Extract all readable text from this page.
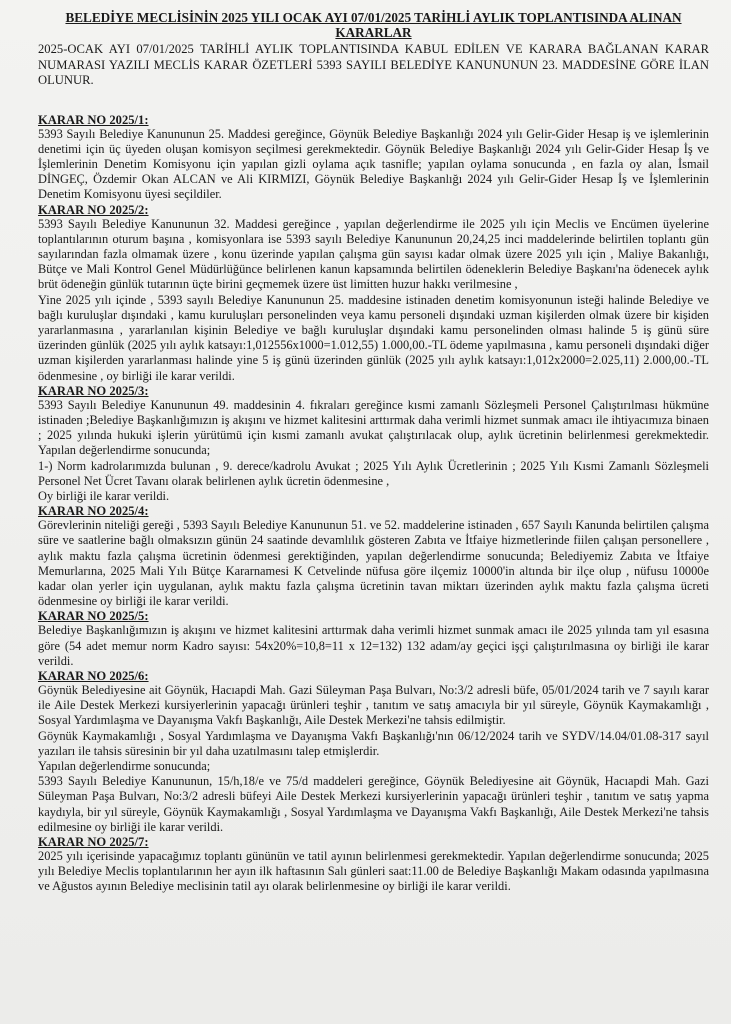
BELEDİYE MECLİSİNİN 2025 YILI OCAK AYI 07/01/2025 TARİHLİ AYLIK TOPLANTISINDA ALINAN KARARLAR
2025-OCAK AYI 07/01/2025 TARİHLİ AYLIK TOPLANTISINDA KABUL EDİLEN VE KARARA BAĞLANAN KARAR NUMARASI YAZILI MECLİS KARAR ÖZETLERİ 5393 SAYILI BELEDİYE KANUNUNUN 23. MADDESİNE GÖRE İLAN OLUNUR.
KARAR NO 2025/1:

5393 Sayılı Belediye Kanununun 25. Maddesi gereğince, Göynük Belediye Başkanlığı 2024 yılı Gelir-Gider Hesap iş ve işlemlerinin denetimi için üç üyeden oluşan komisyon seçilmesi gerekmektedir. Göynük Belediye Başkanlığı 2024 yılı Gelir-Gider Hesap İş ve İşlemlerinin Denetim Komisyonu için yapılan gizli oylama açık tasnifle; yapılan oylama sonucunda , en fazla oy alan, İsmail DİNGEÇ, Özdemir Okan ALCAN ve Ali KIRMIZI, Göynük Belediye Başkanlığı 2024 yılı Gelir-Gider Hesap İş ve İşlemlerinin Denetim Komisyonu üyesi seçildiler.

KARAR NO 2025/2:

5393 Sayılı Belediye Kanununun 32. Maddesi gereğince , yapılan değerlendirme ile 2025 yılı için Meclis ve Encümen üyelerine toplantılarının oturum başına , komisyonlara ise 5393 sayılı Belediye Kanununun 20,24,25 inci maddelerinde belirtilen toplantı gün sayılarından fazla olmamak üzere , konu üzerinde yapılan çalışma gün sayısı kadar olmak üzere 2025 yılı için , Maliye Bakanlığı, Bütçe ve Mali Kontrol Genel Müdürlüğünce belirlenen kanun kapsamında belirtilen ödeneklerin Belediye Başkanı'na ödenecek aylık brüt ödeneğin günlük tutarının üçte birini geçmemek üzere üst limitten huzur hakkı verilmesine ,

Yine 2025 yılı içinde , 5393 sayılı Belediye Kanununun 25. maddesine istinaden denetim komisyonunun isteği halinde Belediye ve bağlı kuruluşlar dışındaki , kamu kuruluşları personelinden veya kamu personeli dışındaki uzman kişilerden olmak üzere bir kişiden yararlanmasına , yararlanılan kişinin Belediye ve bağlı kuruluşlar dışındaki kamu personelinden olması halinde 5 iş günü süre üzerinden günlük (2025 yılı aylık katsayı:1,012556x1000=1.012,55) 1.000,00.-TL ödeme yapılmasına , kamu personeli dışındaki diğer uzman kişilerden yararlanması halinde yine 5 iş günü üzerinden günlük (2025 yılı aylık katsayı:1,012x2000=2.025,11) 2.000,00.-TL ödenmesine , oy birliği ile karar verildi.

KARAR NO 2025/3:

5393 Sayılı Belediye Kanununun 49. maddesinin 4. fıkraları gereğince kısmi zamanlı Sözleşmeli Personel Çalıştırılması hükmüne istinaden ;Belediye Başkanlığımızın iş akışını ve hizmet kalitesini arttırmak daha verimli hizmet sunmak amacı ile ihtiyacımıza binaen ; 2025 yılında hukuki işlerin yürütümü için kısmi zamanlı avukat çalıştırılacak olup, aylık ücretinin belirlenmesi gerekmektedir. Yapılan değerlendirme sonucunda;

1-) Norm kadrolarımızda bulunan , 9. derece/kadrolu Avukat ; 2025 Yılı Aylık Ücretlerinin ; 2025 Yılı Kısmi Zamanlı Sözleşmeli Personel Net Ücret Tavanı olarak belirlenen aylık ücretin ödenmesine ,

Oy birliği ile karar verildi.

KARAR NO 2025/4:

Görevlerinin niteliği gereği , 5393 Sayılı Belediye Kanununun 51. ve 52. maddelerine istinaden , 657 Sayılı Kanunda belirtilen çalışma süre ve saatlerine bağlı olmaksızın günün 24 saatinde devamlılık gösteren Zabıta ve İtfaiye hizmetlerinde fiilen çalışan personellere , aylık maktu fazla çalışma ücretinin ödenmesi gerektiğinden, yapılan değerlendirme sonucunda; Belediyemiz Zabıta ve İtfaiye Memurlarına, 2025 Mali Yılı Bütçe Kararnamesi K Cetvelinde nüfusa göre ilçemiz 10000'in altında bir ilçe olup , nüfusu 10000e kadar olan yerler için uygulanan, aylık maktu fazla çalışma ücretinin tavan miktarı üzerinden aylık maktu fazla çalışma ücreti ödenmesine oy birliği ile karar verildi.

KARAR NO 2025/5:

Belediye Başkanlığımızın iş akışını ve hizmet kalitesini arttırmak daha verimli hizmet sunmak amacı ile 2025 yılında tam yıl esasına göre (54 adet memur norm Kadro sayısı: 54x20%=10,8=11 x 12=132) 132 adam/ay geçici işçi çalıştırılmasına oy birliği ile karar verildi.

KARAR NO 2025/6:

Göynük Belediyesine ait Göynük, Hacıapdi Mah. Gazi Süleyman Paşa Bulvarı, No:3/2 adresli büfe, 05/01/2024 tarih ve 7 sayılı karar ile Aile Destek Merkezi kursiyerlerinin yapacağı ürünleri teşhir , tanıtım ve satış amacıyla bir yıl süreyle, Göynük Kaymakamlığı , Sosyal Yardımlaşma ve Dayanışma Vakfı Başkanlığı, Aile Destek Merkezi'ne tahsis edilmiştir.

Göynük Kaymakamlığı , Sosyal Yardımlaşma ve Dayanışma Vakfı Başkanlığı'nın 06/12/2024 tarih ve SYDV/14.04/01.08-317 sayıl yazıları ile tahsis süresinin bir yıl daha uzatılmasını talep etmişlerdir.

Yapılan değerlendirme sonucunda;

5393 Sayılı Belediye Kanununun, 15/h,18/e ve 75/d maddeleri gereğince, Göynük Belediyesine ait Göynük, Hacıapdi Mah. Gazi Süleyman Paşa Bulvarı, No:3/2 adresli büfeyi Aile Destek Merkezi kursiyerlerinin yapacağı ürünleri teşhir , tanıtım ve satış yapma kaydıyla, bir yıl süreyle, Göynük Kaymakamlığı , Sosyal Yardımlaşma ve Dayanışma Vakfı Başkanlığı, Aile Destek Merkezi'ne tahsis edilmesine oy birliği ile karar verildi.

KARAR NO 2025/7:

2025 yılı içerisinde yapacağımız toplantı gününün ve tatil ayının belirlenmesi gerekmektedir. Yapılan değerlendirme sonucunda; 2025 yılı Belediye Meclis toplantılarının her ayın ilk haftasının Salı günleri saat:11.00 de Belediye Başkanlığı Makam odasında yapılmasına ve Ağustos ayının Belediye meclisinin tatil ayı olarak belirlenmesine oy birliği ile karar verildi.
